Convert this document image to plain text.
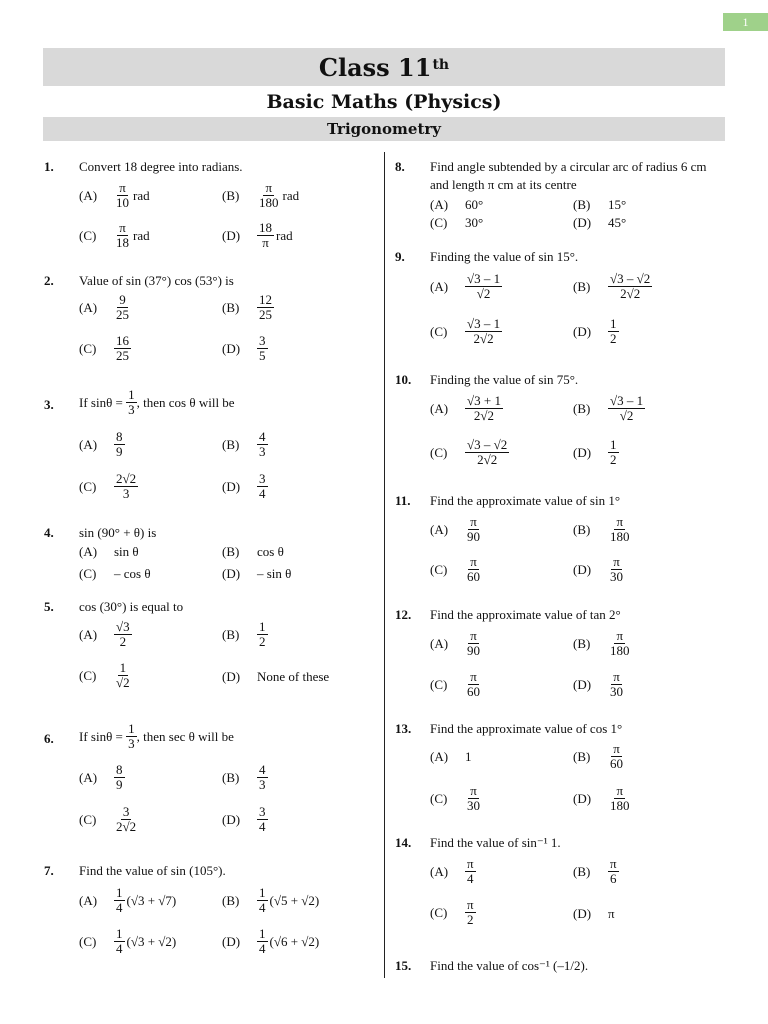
1
Class 11th
Basic Maths (Physics)
Trigonometry
1. Convert 18 degree into radians.
(A)	$\frac{\pi}{10}$ rad	(B)	$\frac{\pi}{180}$ rad
(C)	$\frac{\pi}{18}$ rad	(D)	$\frac{18}{\pi}$ rad
2. Value of sin (37°) cos (53°) is
(A)	$\frac{9}{25}$	(B)	$\frac{12}{25}$
(C)	$\frac{16}{25}$	(D)	$\frac{3}{5}$
3. If sinθ =
$\frac{1}{3}$ , then cos θ will be
(A)	$\frac{8}{9}$	(B)	$\frac{4}{3}$
(C)	$\frac{2√2}{3}$	(D)	$\frac{3}{4}$
4. sin (90° + θ) is
(A)	sin θ	(B)	cos θ
(C)	– cos θ	(D)	– sin θ
5. cos (30°) is equal to
(A)	$\frac{√3}{2}$	(B)	$\frac{1}{2}$
(C)	$\frac{1}{√2}$	(D)	None of these
6. If sinθ =
$\frac{1}{3}$ , then sec θ will be
(A)	$\frac{8}{9}$	(B)	$\frac{4}{3}$
(C)	$\frac{3}{2√2}$	(D)	$\frac{3}{4}$
7. Find the value of sin (105°).
(A)	$\frac{1}{4} (√3 + √7)$	(B)	$\frac{1}{4} (√5 + √2)$
(C)	$\frac{1}{4} (√3 + √2)$	(D)	$\frac{1}{4} (√6 + √2)$
8. Find angle subtended by a circular arc of radius 6 cm and length π cm at its centre
(A)	60°	(B)	15°
(C)	30°	(D)	45°
9. Finding the value of sin 15°.
(A)	$\frac{√3 - 1}{√2}$	(B)	$\frac{√3 - √2}{2√2}$
(C)	$\frac{√3 - 1}{2√2}$	(D)	$\frac{1}{2}$
10. Finding the value of sin 75°.
(A)	$\frac{√3 + 1}{2√2}$	(B)	$\frac{√3 - 1}{√2}$
(C)	$\frac{√3 - √2}{2√2}$	(D)	$\frac{1}{2}$
11. Find the approximate value of sin 1°
(A)	$\frac{\pi}{90}$	(B)	$\frac{\pi}{180}$
(C)	$\frac{\pi}{60}$	(D)	$\frac{\pi}{30}$
12. Find the approximate value of tan 2°
(A)	$\frac{\pi}{90}$	(B)	$\frac{\pi}{180}$
(C)	$\frac{\pi}{60}$	(D)	$\frac{\pi}{30}$
13. Find the approximate value of cos 1°
(A)	1	(B)	$\frac{\pi}{60}$
(C)	$\frac{\pi}{30}$	(D)	$\frac{\pi}{180}$
14. Find the value of sin⁻¹ 1.
(A)	$\frac{\pi}{4}$	(B)	$\frac{\pi}{6}$
(C)	$\frac{\pi}{2}$	(D)	π
15. Find the value of cos⁻¹ (–1/2).
